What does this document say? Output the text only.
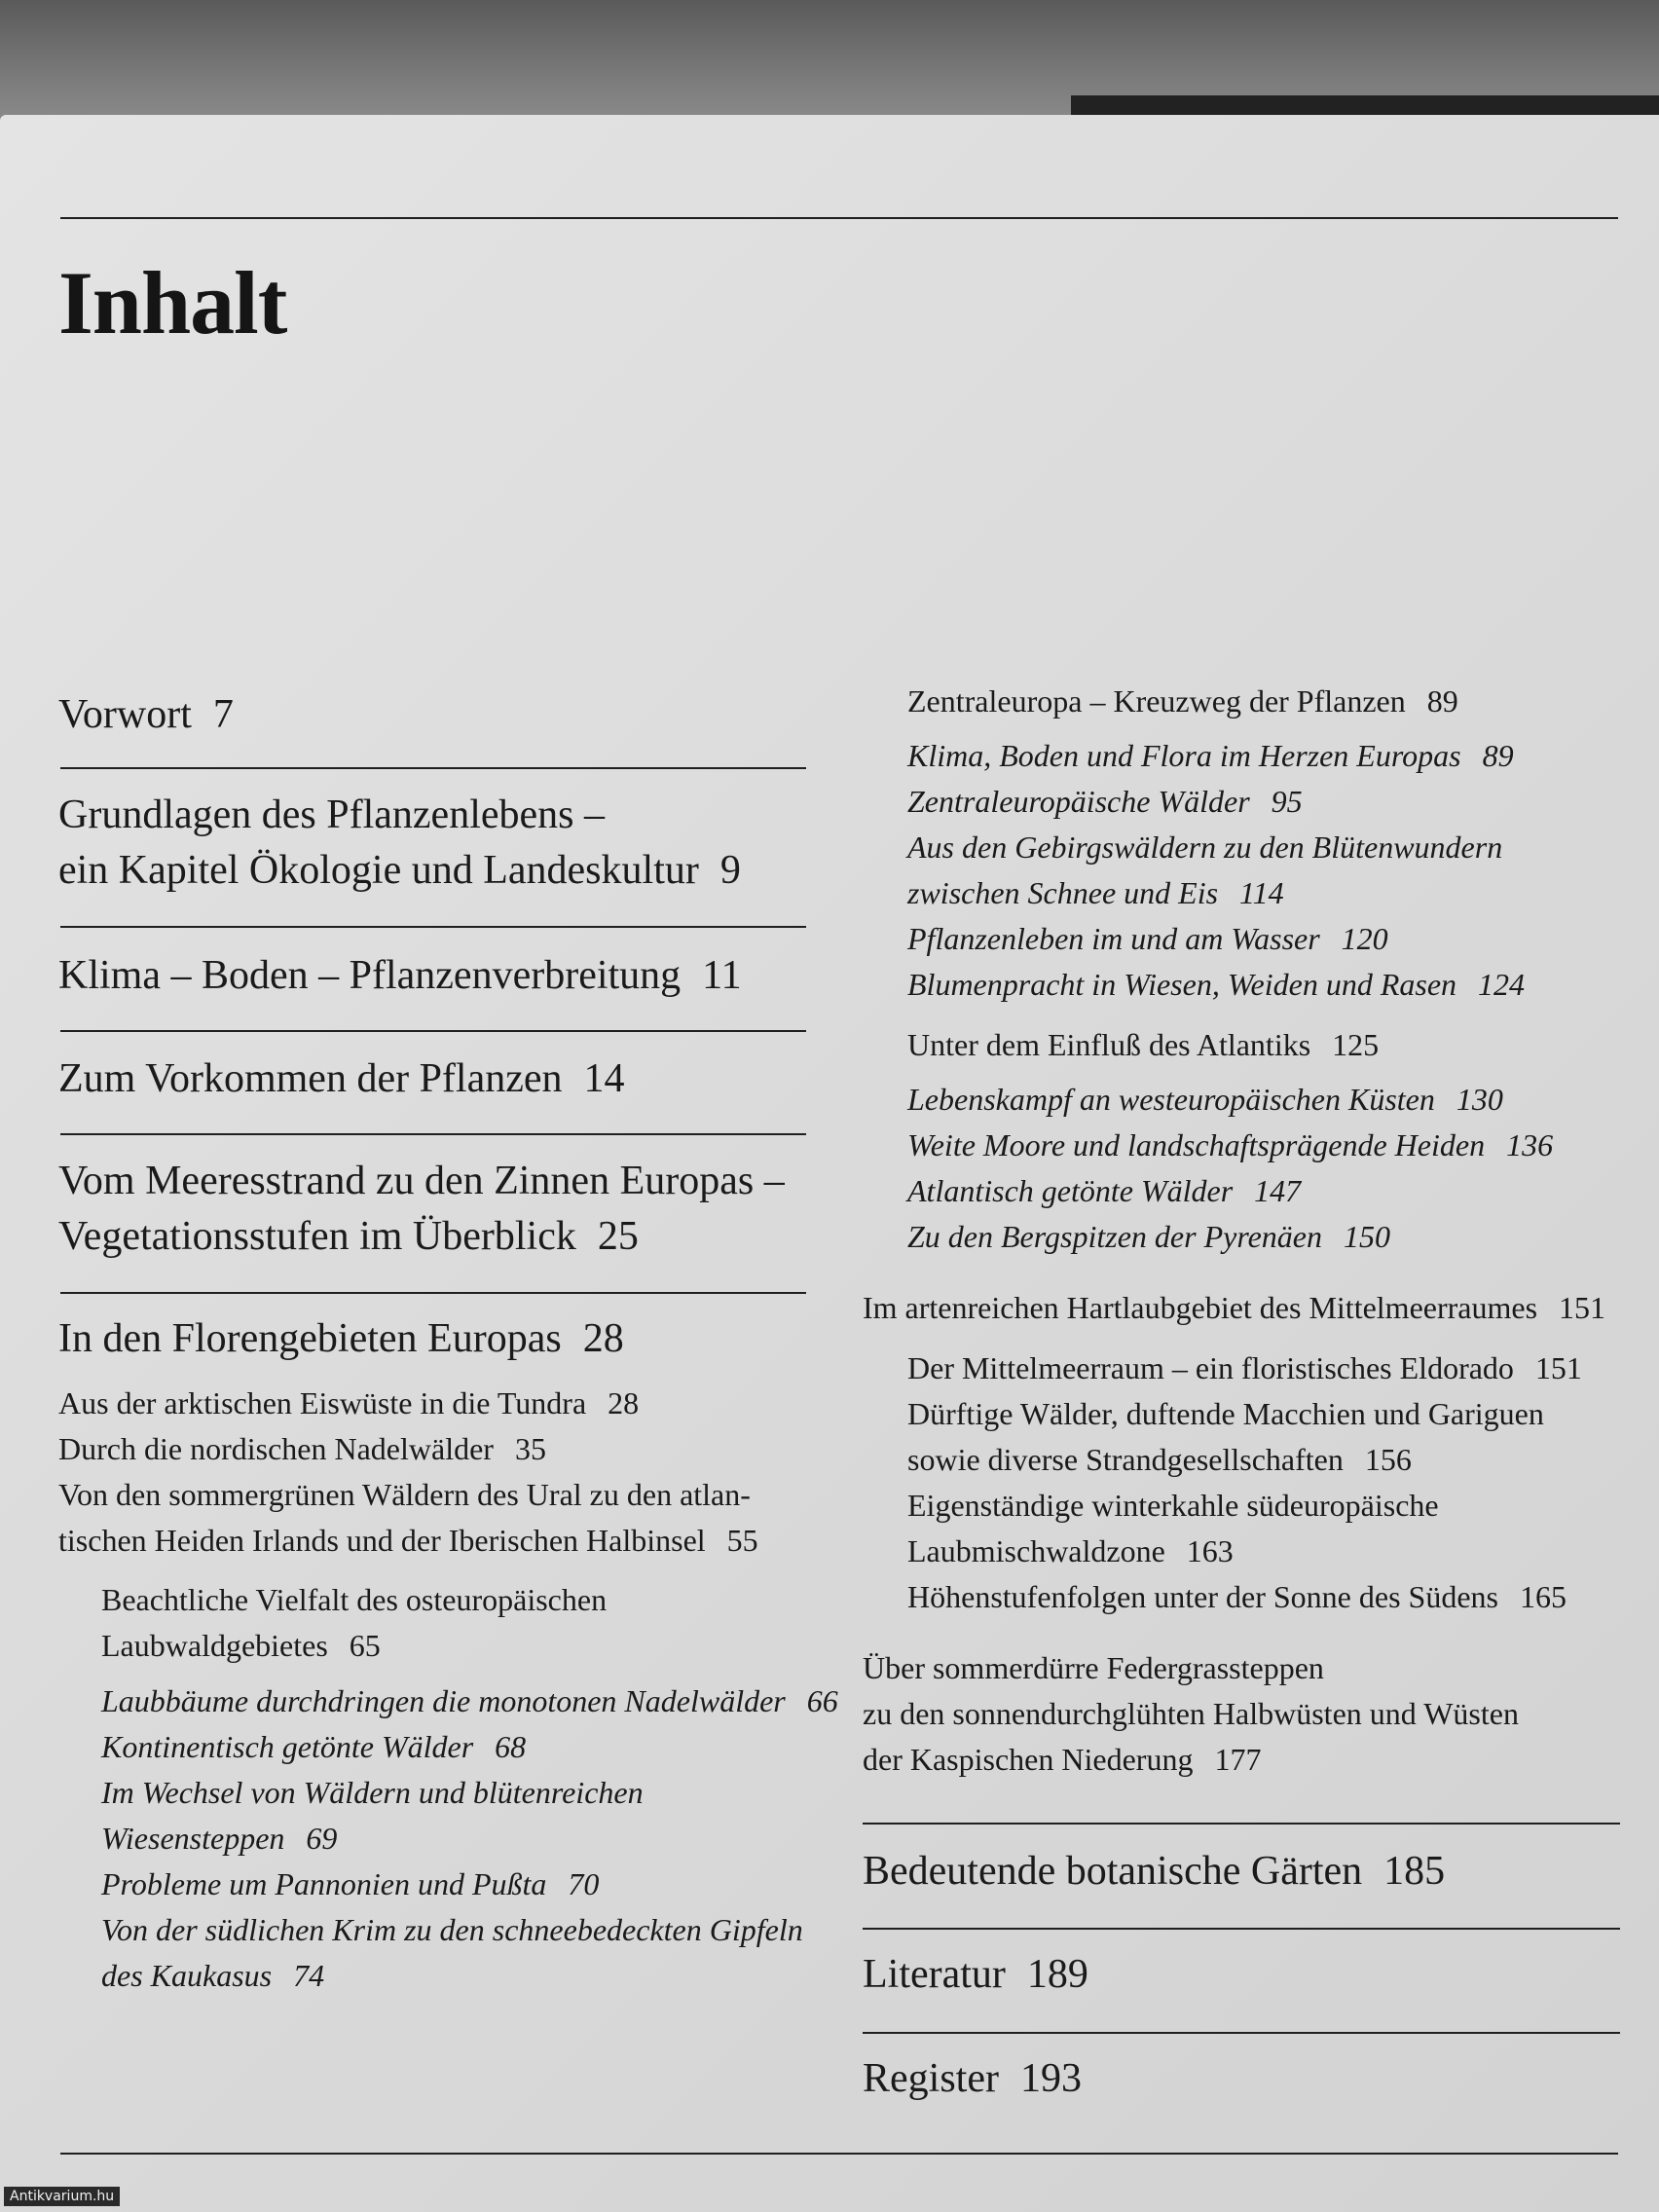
Inhalt
Vorwort 7
Grundlagen des Pflanzenlebens –
ein Kapitel Ökologie und Landeskultur 9
Klima – Boden – Pflanzenverbreitung 11
Zum Vorkommen der Pflanzen 14
Vom Meeresstrand zu den Zinnen Europas –
Vegetationsstufen im Überblick 25
In den Florengebieten Europas 28
Aus der arktischen Eiswüste in die Tundra 28
Durch die nordischen Nadelwälder 35
Von den sommergrünen Wäldern des Ural zu den atlan-
tischen Heiden Irlands und der Iberischen Halbinsel 55
Beachtliche Vielfalt des osteuropäischen
Laubwaldgebietes 65
Laubbäume durchdringen die monotonen Nadelwälder 66
Kontinentisch getönte Wälder 68
Im Wechsel von Wäldern und blütenreichen
Wiesensteppen 69
Probleme um Pannonien und Pußta 70
Von der südlichen Krim zu den schneebedeckten Gipfeln
des Kaukasus 74
Zentraleuropa – Kreuzweg der Pflanzen 89
Klima, Boden und Flora im Herzen Europas 89
Zentraleuropäische Wälder 95
Aus den Gebirgswäldern zu den Blütenwundern
zwischen Schnee und Eis 114
Pflanzenleben im und am Wasser 120
Blumenpracht in Wiesen, Weiden und Rasen 124
Unter dem Einfluß des Atlantiks 125
Lebenskampf an westeuropäischen Küsten 130
Weite Moore und landschaftsprägende Heiden 136
Atlantisch getönte Wälder 147
Zu den Bergspitzen der Pyrenäen 150
Im artenreichen Hartlaubgebiet des Mittelmeerraumes 151
Der Mittelmeerraum – ein floristisches Eldorado 151
Dürftige Wälder, duftende Macchien und Gariguen
sowie diverse Strandgesellschaften 156
Eigenständige winterkahle südeuropäische
Laubmischwaldzone 163
Höhenstufenfolgen unter der Sonne des Südens 165
Über sommerdürre Federgrassteppen
zu den sonnendurchglühten Halbwüsten und Wüsten
der Kaspischen Niederung 177
Bedeutende botanische Gärten 185
Literatur 189
Register 193
Antikvarium.hu
